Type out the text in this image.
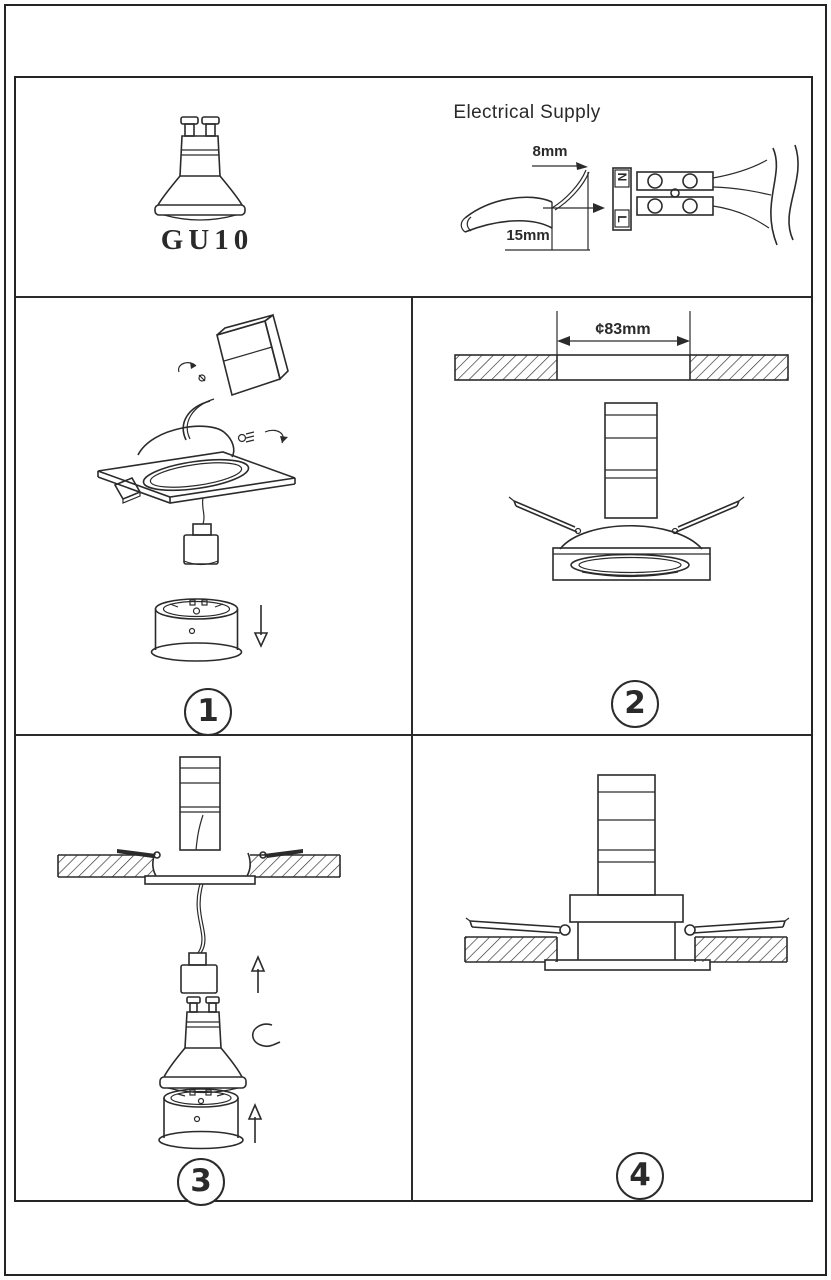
GU10
Electrical Supply
8mm
15mm
N
L
1
¢83mm
2
3	4
